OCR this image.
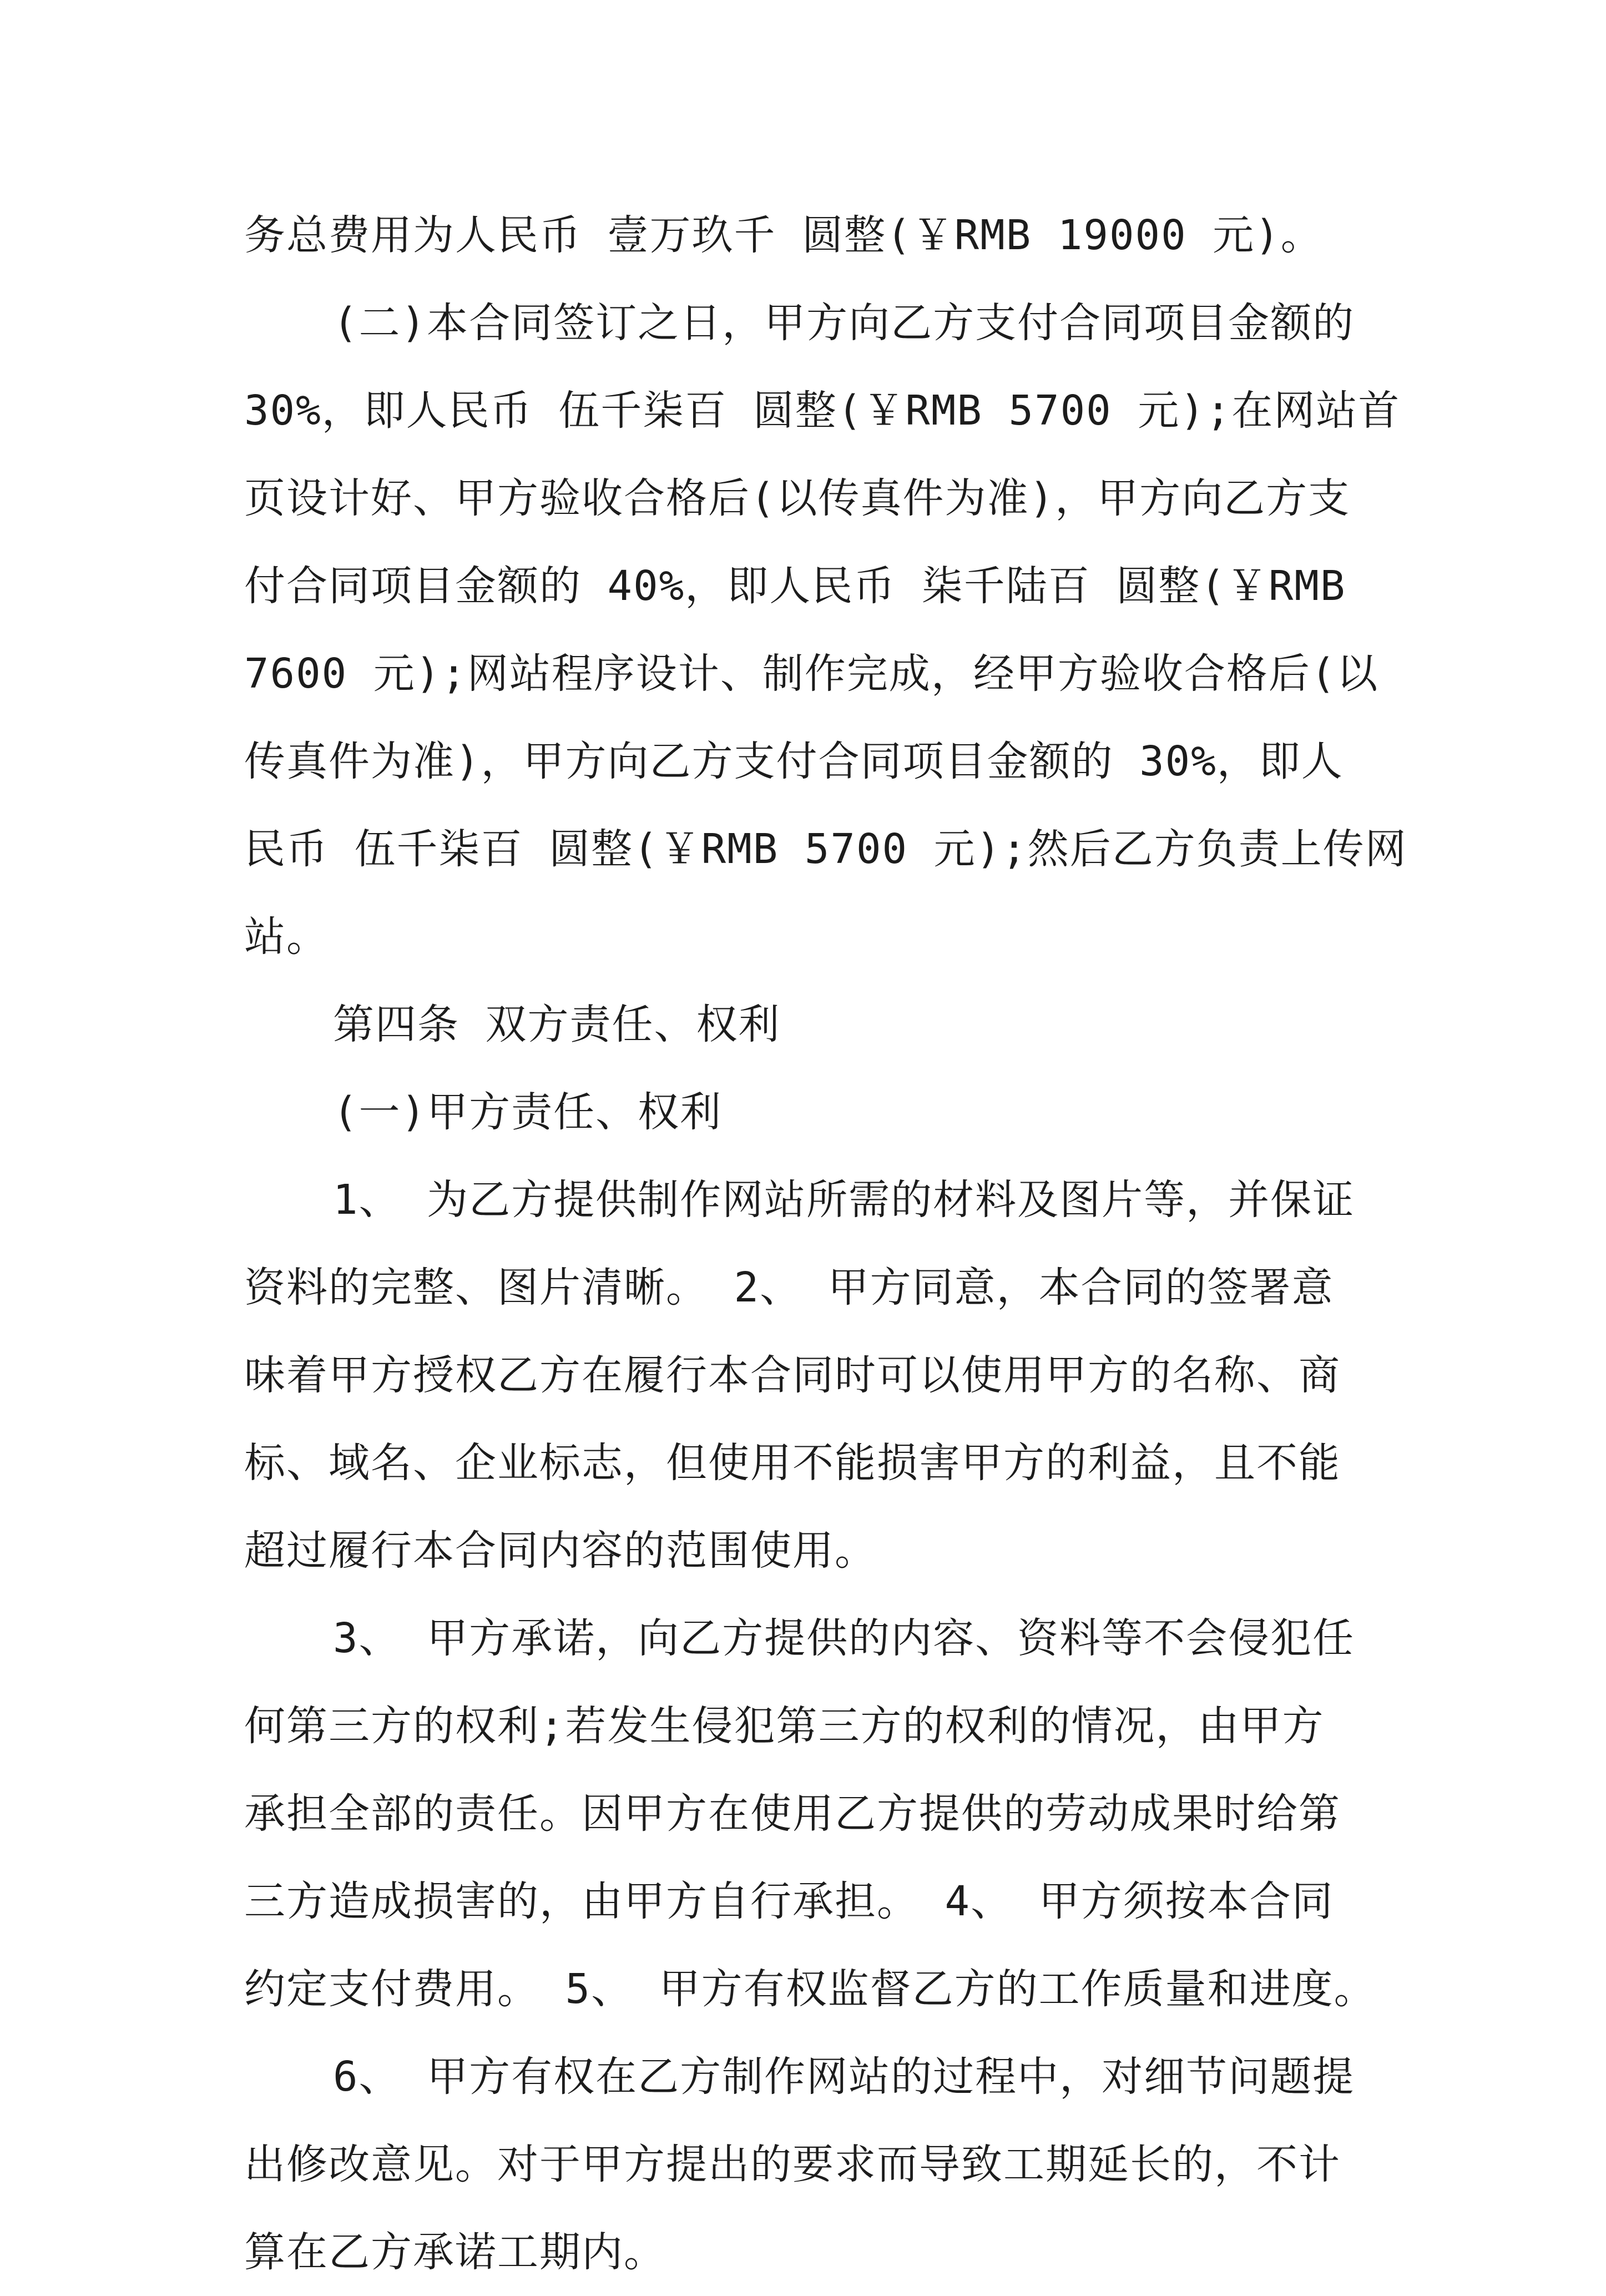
务总费用为人民币 壹万玖千 圆整(￥RMB 19000 元)。
(二)本合同签订之日，甲方向乙方支付合同项目金额的
30%，即人民币 伍千柒百 圆整(￥RMB 5700 元);在网站首
页设计好、甲方验收合格后(以传真件为准)，甲方向乙方支
付合同项目金额的 40%，即人民币 柒千陆百 圆整(￥RMB
7600 元);网站程序设计、制作完成，经甲方验收合格后(以
传真件为准)，甲方向乙方支付合同项目金额的 30%，即人
民币 伍千柒百 圆整(￥RMB 5700 元);然后乙方负责上传网
站。
第四条 双方责任、权利
(一)甲方责任、权利
1、 为乙方提供制作网站所需的材料及图片等，并保证
资料的完整、图片清晰。 2、 甲方同意，本合同的签署意
味着甲方授权乙方在履行本合同时可以使用甲方的名称、商
标、域名、企业标志，但使用不能损害甲方的利益，且不能
超过履行本合同内容的范围使用。
3、 甲方承诺，向乙方提供的内容、资料等不会侵犯任
何第三方的权利;若发生侵犯第三方的权利的情况，由甲方
承担全部的责任。因甲方在使用乙方提供的劳动成果时给第
三方造成损害的，由甲方自行承担。 4、 甲方须按本合同
约定支付费用。 5、 甲方有权监督乙方的工作质量和进度。
6、 甲方有权在乙方制作网站的过程中，对细节问题提
出修改意见。对于甲方提出的要求而导致工期延长的，不计
算在乙方承诺工期内。
